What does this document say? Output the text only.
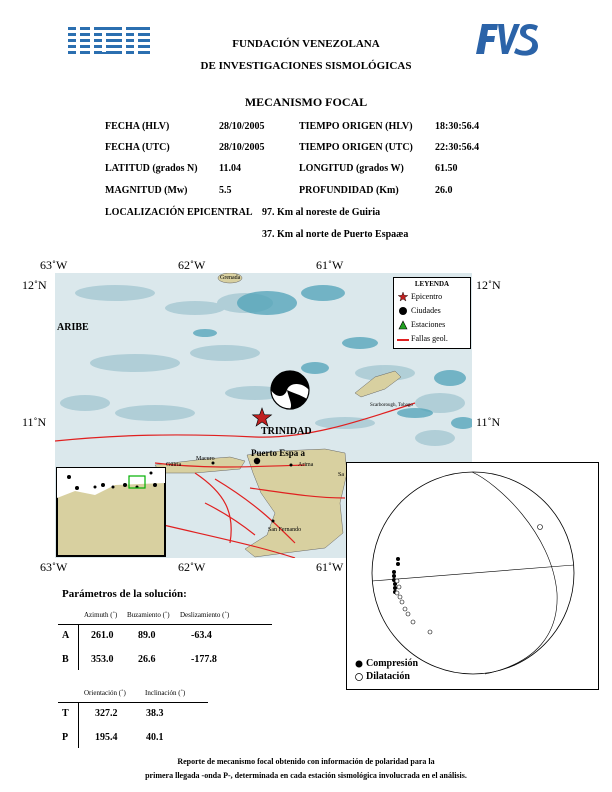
FUNDACIÓN VENEZOLANA
DE INVESTIGACIONES SISMOLÓGICAS
MECANISMO FOCAL
FECHA (HLV)	28/10/2005	TIEMPO ORIGEN (HLV) 18:30:56.4
FECHA (UTC)	28/10/2005	TIEMPO ORIGEN (UTC) 22:30:56.4
LATITUD (grados N) 11.04	LONGITUD (grados W)	61.50
MAGNITUD (Mw)	5.5	PROFUNDIDAD (Km)	26.0
LOCALIZACIÓN EPICENTRAL 97. Km al noreste de Guiria
37. Km al norte de Puerto Espaæa
63˚W	62˚W	61˚W
63˚W	62˚W	61˚W
12˚N
11˚N
12˚N
11˚N
Grenada
ARIBE
TRINIDAD
Puerto Espa a
Arima
San Fernando
Scarborough, Tobago
Güiria
Macuro
Sa
LEYENDA
Epicentro
Ciudades
Estaciones
Fallas geol.
Compresión
Dilatación
Parámetros de la solución:
Azimuth (˚) Buzamiento (˚) Deslizamiento (˚)
A 261.0 89.0	-63.4
B 353.0 26.6	-177.8
Orientación (˚)	Inclinación (˚)
T	327.2	38.3
P	195.4	40.1
Reporte de mecanismo focal obtenido con información de polaridad para la
primera llegada -onda P-, determinada en cada estación sismológica involucrada en el análisis.
